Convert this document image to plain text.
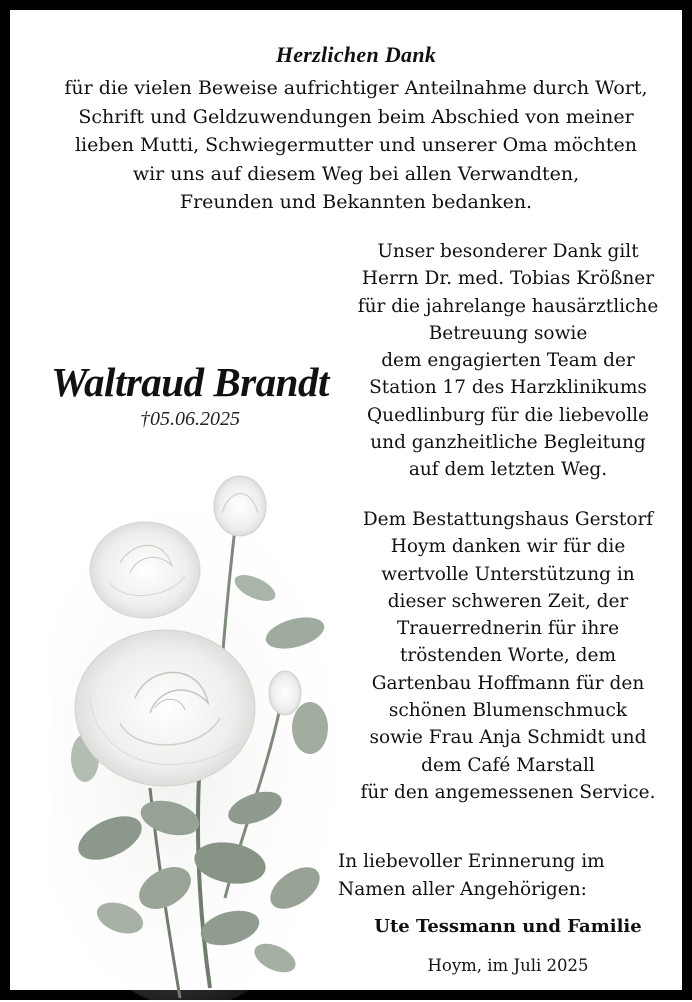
Herzlichen Dank
für die vielen Beweise aufrichtiger Anteilnahme durch Wort,
Schrift und Geldzuwendungen beim Abschied von meiner
lieben Mutti, Schwiegermutter und unserer Oma möchten
wir uns auf diesem Weg bei allen Verwandten,
Freunden und Bekannten bedanken.
Waltraud Brandt
†05.06.2025
Unser besonderer Dank gilt
Herrn Dr. med. Tobias Krößner
für die jahrelange hausärztliche
Betreuung sowie
dem engagierten Team der
Station 17 des Harzklinikums
Quedlinburg für die liebevolle
und ganzheitliche Begleitung
auf dem letzten Weg.
Dem Bestattungshaus Gerstorf
Hoym danken wir für die
wertvolle Unterstützung in
dieser schweren Zeit, der
Trauerrednerin für ihre
tröstenden Worte, dem
Gartenbau Hoffmann für den
schönen Blumenschmuck
sowie Frau Anja Schmidt und
dem Café Marstall
für den angemessenen Service.
In liebevoller Erinnerung im
Namen aller Angehörigen:
Ute Tessmann und Familie
Hoym, im Juli 2025
